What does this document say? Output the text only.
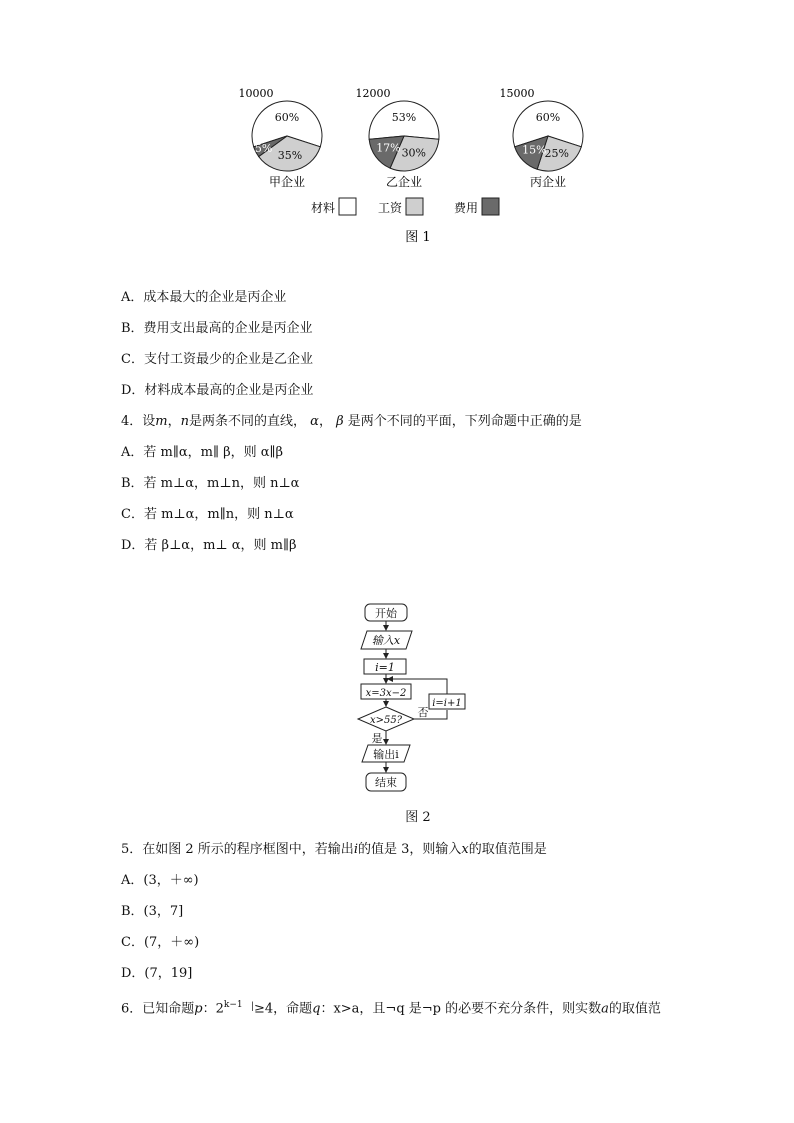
60%
35%
5%
10000
甲企业
53%
30%
17%
12000
乙企业
60%
25%
15%
15000
丙企业
材料	工资	费用
图 1
A．成本最大的企业是丙企业
B．费用支出最高的企业是丙企业
C．支付工资最少的企业是乙企业
D．材料成本最高的企业是丙企业
4．设m，n是两条不同的直线， α， β 是两个不同的平面，下列命题中正确的是
A．若 m∥α，m∥ β，则 α∥β
B．若 m⊥α，m⊥n，则 n⊥α
C．若 m⊥α，m∥n，则 n⊥α
D．若 β⊥α，m⊥ α，则 m∥β
开始
输入x
i=1
x=3x−2
i=i+1
x>55?
否
是
输出i
结束
图 2
5．在如图 2 所示的程序框图中，若输出i的值是 3，则输入x的取值范围是
A．(3，＋∞)
B．(3，7]
C．(7，＋∞)
D．(7，19]
6．已知命题p：$2^{k-1}$ |≥4，命题q：x>a，且¬q 是¬p 的必要不充分条件，则实数a的取值范
